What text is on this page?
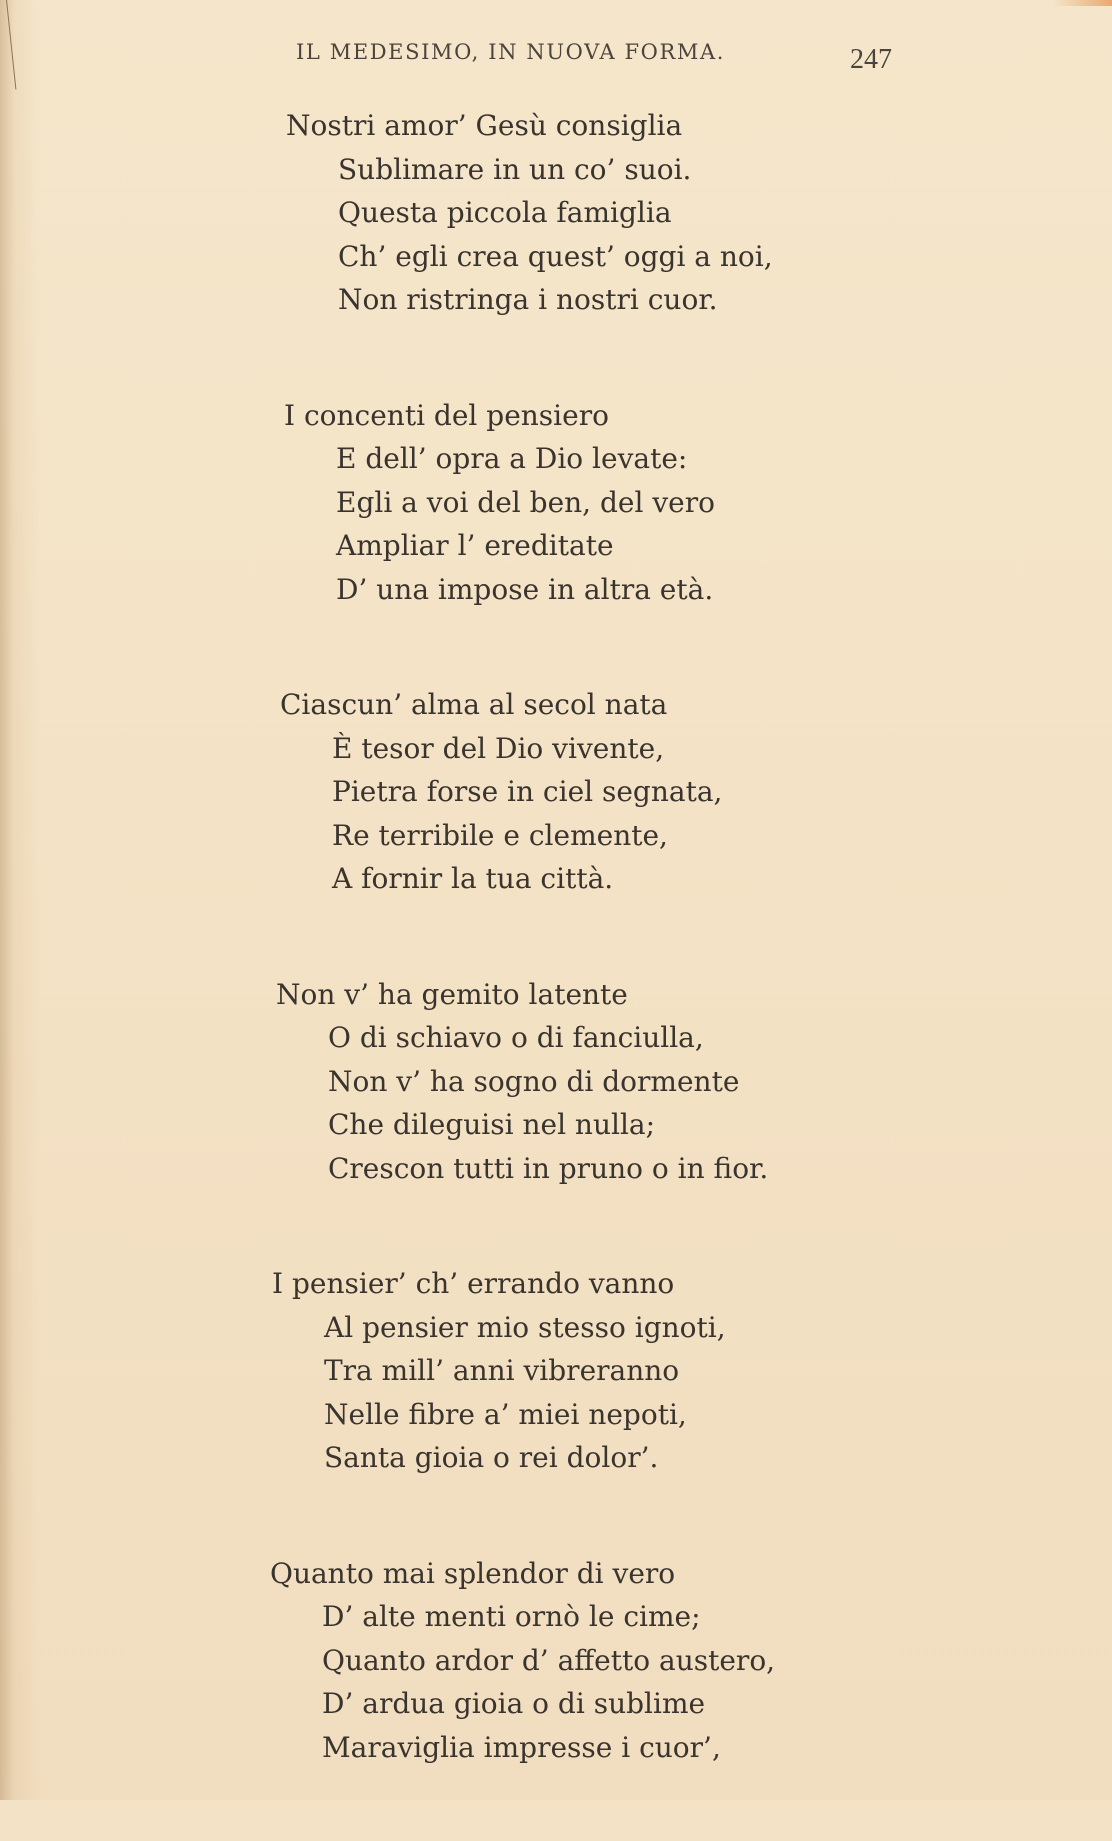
IL MEDESIMO, IN NUOVA FORMA.	247
Nostri amor’ Gesù consiglia
Sublimare in un co’ suoi.
Questa piccola famiglia
Ch’ egli crea quest’ oggi a noi,
Non ristringa i nostri cuor.
I concenti del pensiero
E dell’ opra a Dio levate:
Egli a voi del ben, del vero
Ampliar l’ ereditate
D’ una impose in altra età.
Ciascun’ alma al secol nata
È tesor del Dio vivente,
Pietra forse in ciel segnata,
Re terribile e clemente,
A fornir la tua città.
Non v’ ha gemito latente
O di schiavo o di fanciulla,
Non v’ ha sogno di dormente
Che dileguisi nel nulla;
Crescon tutti in pruno o in fior.
I pensier’ ch’ errando vanno
Al pensier mio stesso ignoti,
Tra mill’ anni vibreranno
Nelle fibre a’ miei nepoti,
Santa gioia o rei dolor’.
Quanto mai splendor di vero
D’ alte menti ornò le cime;
Quanto ardor d’ affetto austero,
D’ ardua gioia o di sublime
Maraviglia impresse i cuor’,
